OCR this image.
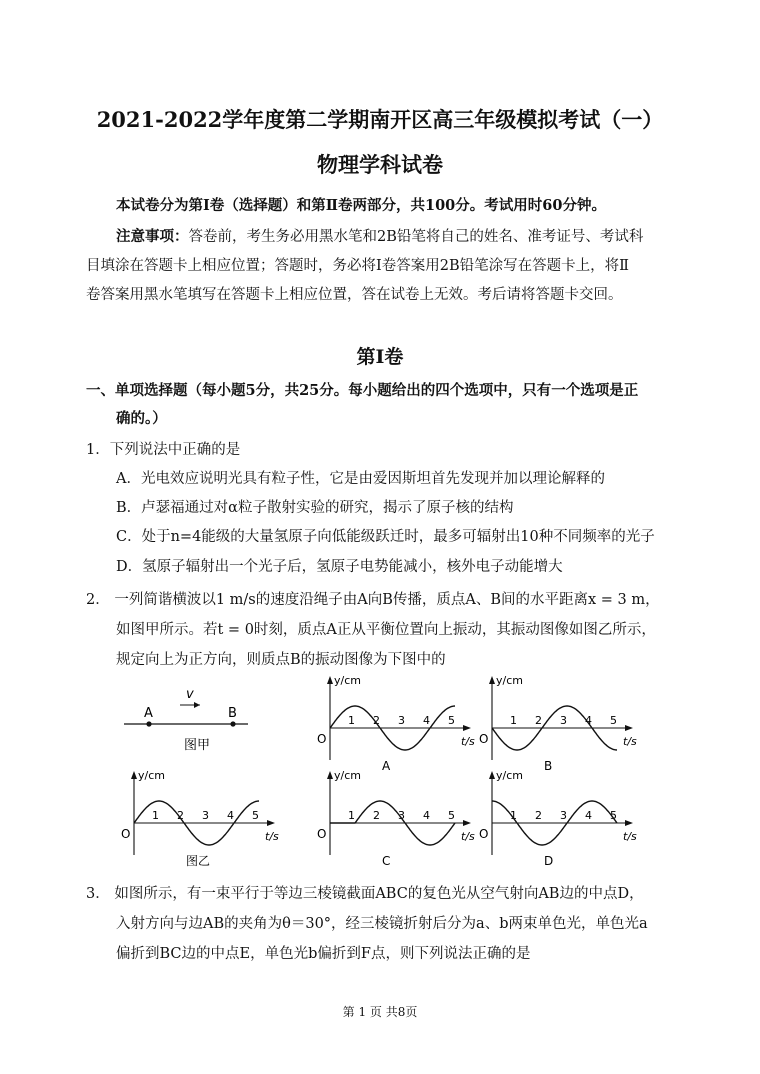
2021-2022学年度第二学期南开区高三年级模拟考试（一）
物理学科试卷
本试卷分为第Ⅰ卷（选择题）和第Ⅱ卷两部分，共100分。考试用时60分钟。
注意事项：答卷前，考生务必用黑水笔和2B铅笔将自己的姓名、准考证号、考试科
目填涂在答题卡上相应位置；答题时，务必将Ⅰ卷答案用2B铅笔涂写在答题卡上，将Ⅱ
卷答案用黑水笔填写在答题卡上相应位置，答在试卷上无效。考后请将答题卡交回。
第Ⅰ卷
一、单项选择题（每小题5分，共25分。每小题给出的四个选项中，只有一个选项是正
确的。）
1．下列说法中正确的是
A．光电效应说明光具有粒子性，它是由爱因斯坦首先发现并加以理论解释的
B．卢瑟福通过对α粒子散射实验的研究，揭示了原子核的结构
C．处于n=4能级的大量氢原子向低能级跃迁时，最多可辐射出10种不同频率的光子
D．氢原子辐射出一个光子后，氢原子电势能减小，核外电子动能增大
2． 一列简谐横波以1 m/s的速度沿绳子由A向B传播，质点A、B间的水平距离x = 3 m，
如图甲所示。若t = 0时刻，质点A正从平衡位置向上振动，其振动图像如图乙所示，
规定向上为正方向，则质点B的振动图像为下图中的
A	B
v
图甲
y/cm
t/s
O
1 2 3 4 5
A
y/cm
t/s
O
1 2 3 4 5
B
y/cm
t/s
O
1 2 3 4 5
图乙
y/cm
t/s
O
1 2 3 4 5
C
y/cm
t/s
O
1 2 3 4 5
D
3． 如图所示，有一束平行于等边三棱镜截面ABC的复色光从空气射向AB边的中点D，
入射方向与边AB的夹角为θ＝30°，经三棱镜折射后分为a、b两束单色光，单色光a
偏折到BC边的中点E，单色光b偏折到F点，则下列说法正确的是
第 1 页 共8页
